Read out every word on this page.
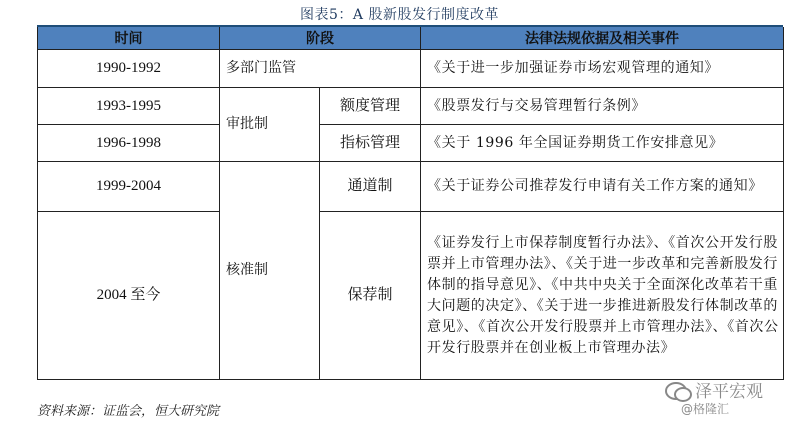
图表5：A 股新股发行制度改革
时间	阶段		法律法规依据及相关事件
1990-1992	多部门监管		《关于进一步加强证券市场宏观管理的通知》
1993-1995	审批制	额度管理	《股票发行与交易管理暂行条例》
1996-1998		指标管理	《关于 1996 年全国证券期货工作安排意见》
1999-2004	核准制	通道制	《关于证券公司推荐发行申请有关工作方案的通知》
2004 至今		保荐制	《证券发行上市保荐制度暂行办法》、《首次公开发行股票并上市管理办法》、《关于进一步改革和完善新股发行体制的指导意见》、《中共中央关于全面深化改革若干重大问题的决定》、《关于进一步推进新股发行体制改革的意见》、《首次公开发行股票并上市管理办法》、《首次公开发行股票并在创业板上市管理办法》
资料来源：证监会，恒大研究院
泽平宏观
@格隆汇
